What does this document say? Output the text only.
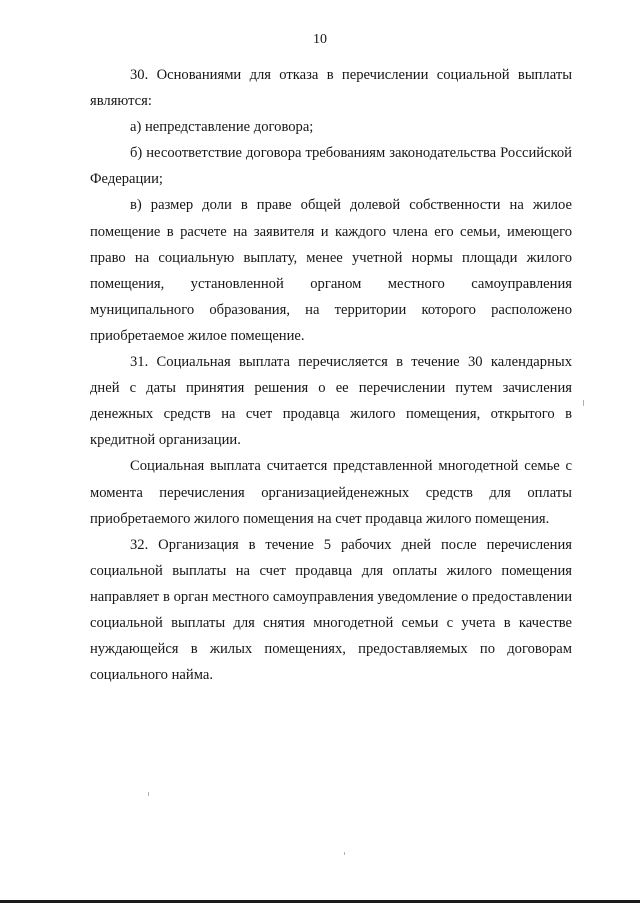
10

30. Основаниями для отказа в перечислении социальной выплаты являются:

а) непредставление договора;

б) несоответствие договора требованиям законодательства Российской Федерации;

в) размер доли в праве общей долевой собственности на жилое помещение в расчете на заявителя и каждого члена его семьи, имеющего право на социальную выплату, менее учетной нормы площади жилого помещения, установленной органом местного самоуправления муниципального образования, на территории которого расположено приобретаемое жилое помещение.

31. Социальная выплата перечисляется в течение 30 календарных дней с даты принятия решения о ее перечислении путем зачисления денежных средств на счет продавца жилого помещения, открытого в кредитной организации.

Социальная выплата считается представленной многодетной семье с момента перечисления организациейденежных средств для оплаты приобретаемого жилого помещения на счет продавца жилого помещения.

32. Организация в течение 5 рабочих дней после перечисления социальной выплаты на счет продавца для оплаты жилого помещения направляет в орган местного самоуправления уведомление о предоставлении социальной выплаты для снятия многодетной семьи с учета в качестве нуждающейся в жилых помещениях, предоставляемых по договорам социального найма.
